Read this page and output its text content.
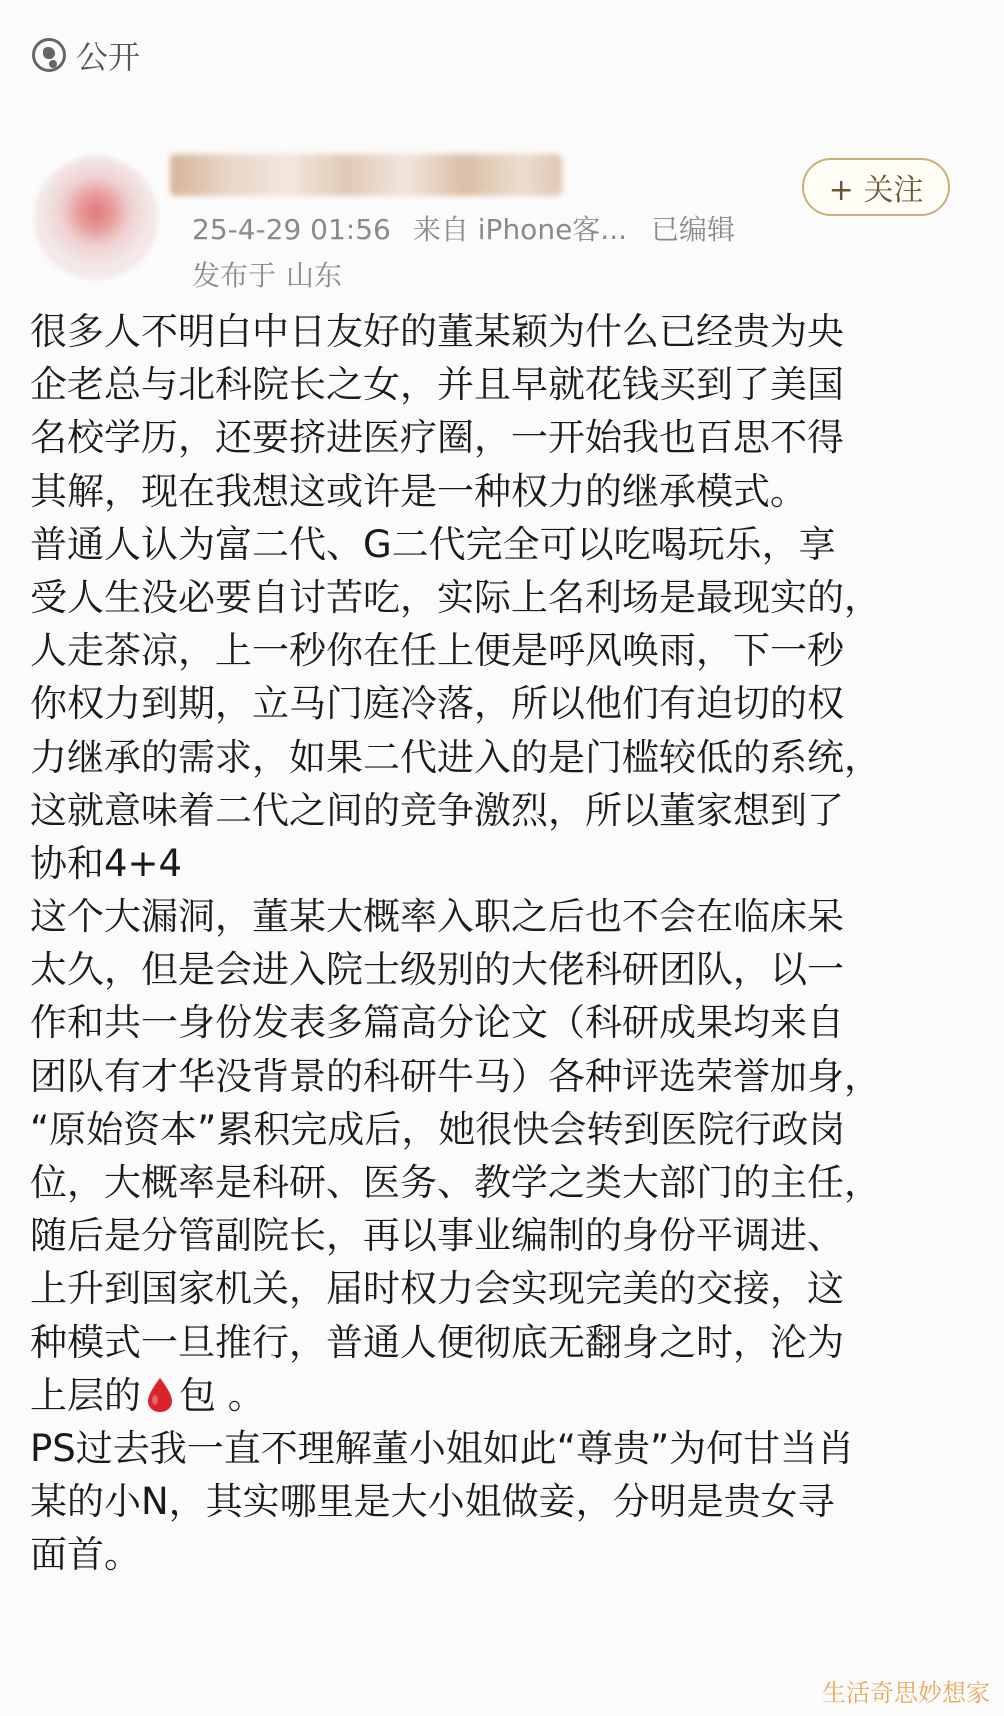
公开
25-4-29 01:56 来自 iPhone客... 已编辑
发布于 山东
+ 关注
很多人不明白中日友好的董某颖为什么已经贵为央
企老总与北科院长之女，并且早就花钱买到了美国
名校学历，还要挤进医疗圈，一开始我也百思不得
其解，现在我想这或许是一种权力的继承模式。
普通人认为富二代、G二代完全可以吃喝玩乐，享
受人生没必要自讨苦吃，实际上名利场是最现实的，
人走茶凉，上一秒你在任上便是呼风唤雨，下一秒
你权力到期，立马门庭冷落，所以他们有迫切的权
力继承的需求，如果二代进入的是门槛较低的系统，
这就意味着二代之间的竞争激烈，所以董家想到了
协和4+4
这个大漏洞，董某大概率入职之后也不会在临床呆
太久，但是会进入院士级别的大佬科研团队，以一
作和共一身份发表多篇高分论文（科研成果均来自
团队有才华没背景的科研牛马）各种评选荣誉加身，
“原始资本”累积完成后，她很快会转到医院行政岗
位，大概率是科研、医务、教学之类大部门的主任，
随后是分管副院长，再以事业编制的身份平调进、
上升到国家机关，届时权力会实现完美的交接，这
种模式一旦推行，普通人便彻底无翻身之时，沦为
上层的 包 。
PS过去我一直不理解董小姐如此“尊贵”为何甘当肖
某的小N，其实哪里是大小姐做妾，分明是贵女寻
面首。
生活奇思妙想家
